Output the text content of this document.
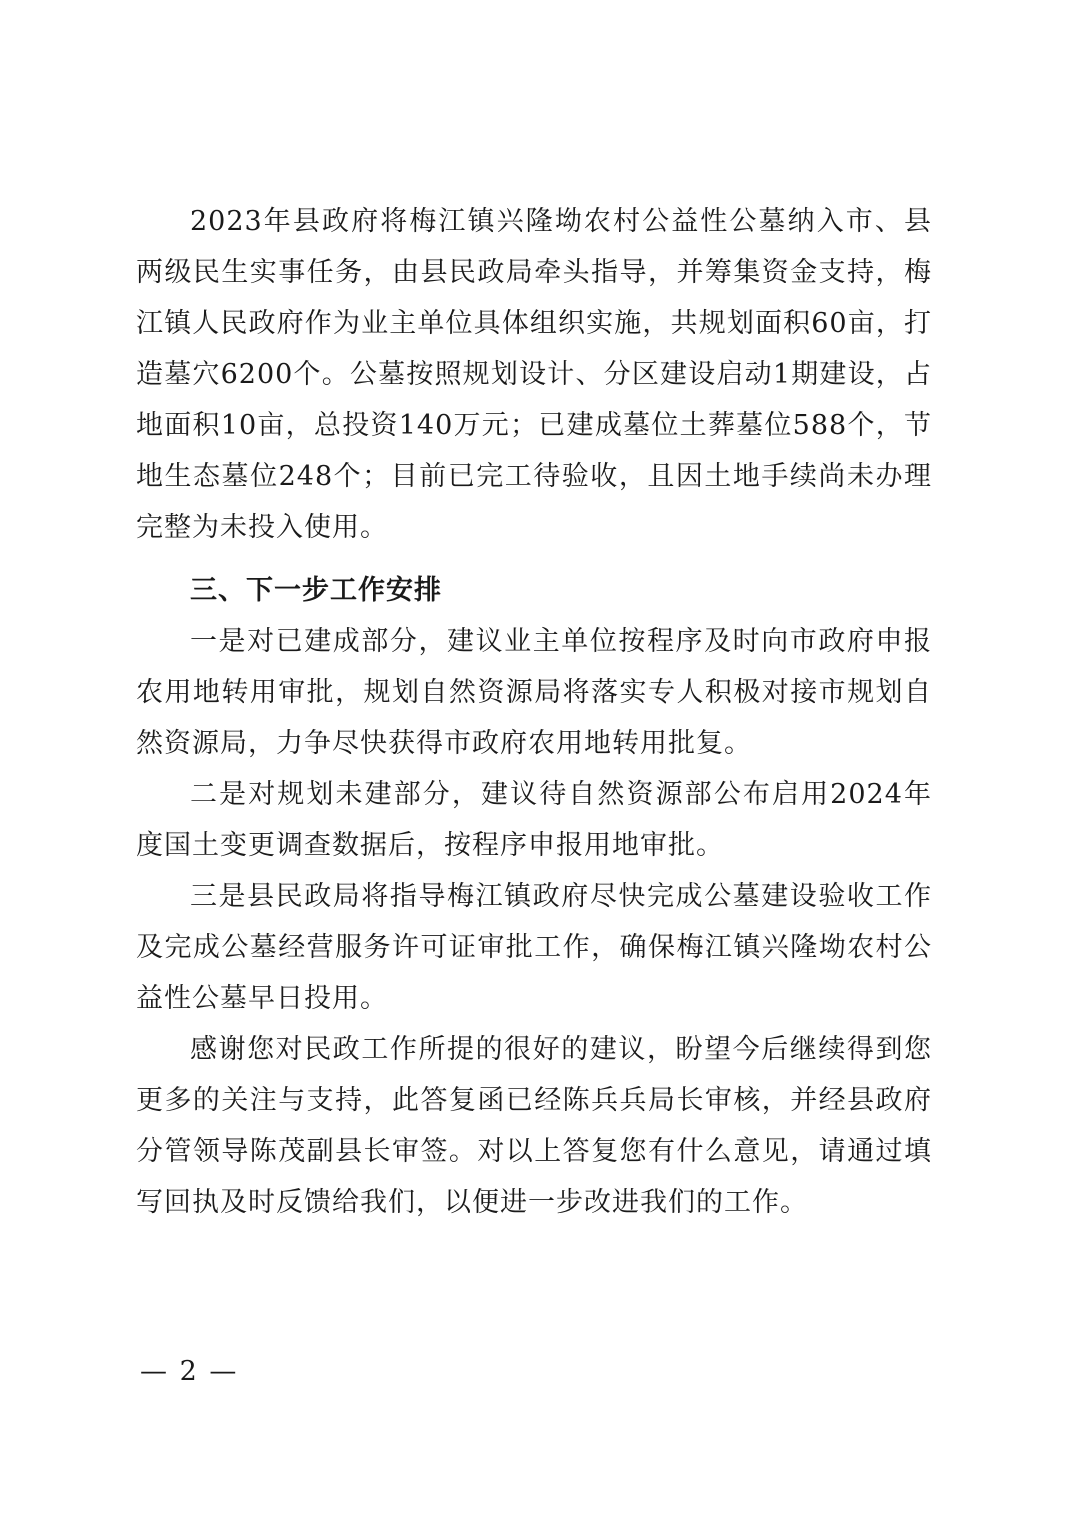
2023年县政府将梅江镇兴隆坳农村公益性公墓纳入市、县两级民生实事任务，由县民政局牵头指导，并筹集资金支持，梅江镇人民政府作为业主单位具体组织实施，共规划面积60亩，打造墓穴6200个。公墓按照规划设计、分区建设启动1期建设，占地面积10亩，总投资140万元；已建成墓位土葬墓位588个，节地生态墓位248个；目前已完工待验收，且因土地手续尚未办理完整为未投入使用。

三、下一步工作安排

一是对已建成部分，建议业主单位按程序及时向市政府申报农用地转用审批，规划自然资源局将落实专人积极对接市规划自然资源局，力争尽快获得市政府农用地转用批复。

二是对规划未建部分，建议待自然资源部公布启用2024年度国土变更调查数据后，按程序申报用地审批。

三是县民政局将指导梅江镇政府尽快完成公墓建设验收工作及完成公墓经营服务许可证审批工作，确保梅江镇兴隆坳农村公益性公墓早日投用。

感谢您对民政工作所提的很好的建议，盼望今后继续得到您更多的关注与支持，此答复函已经陈兵兵局长审核，并经县政府分管领导陈茂副县长审签。对以上答复您有什么意见，请通过填写回执及时反馈给我们，以便进一步改进我们的工作。

— 2 —
